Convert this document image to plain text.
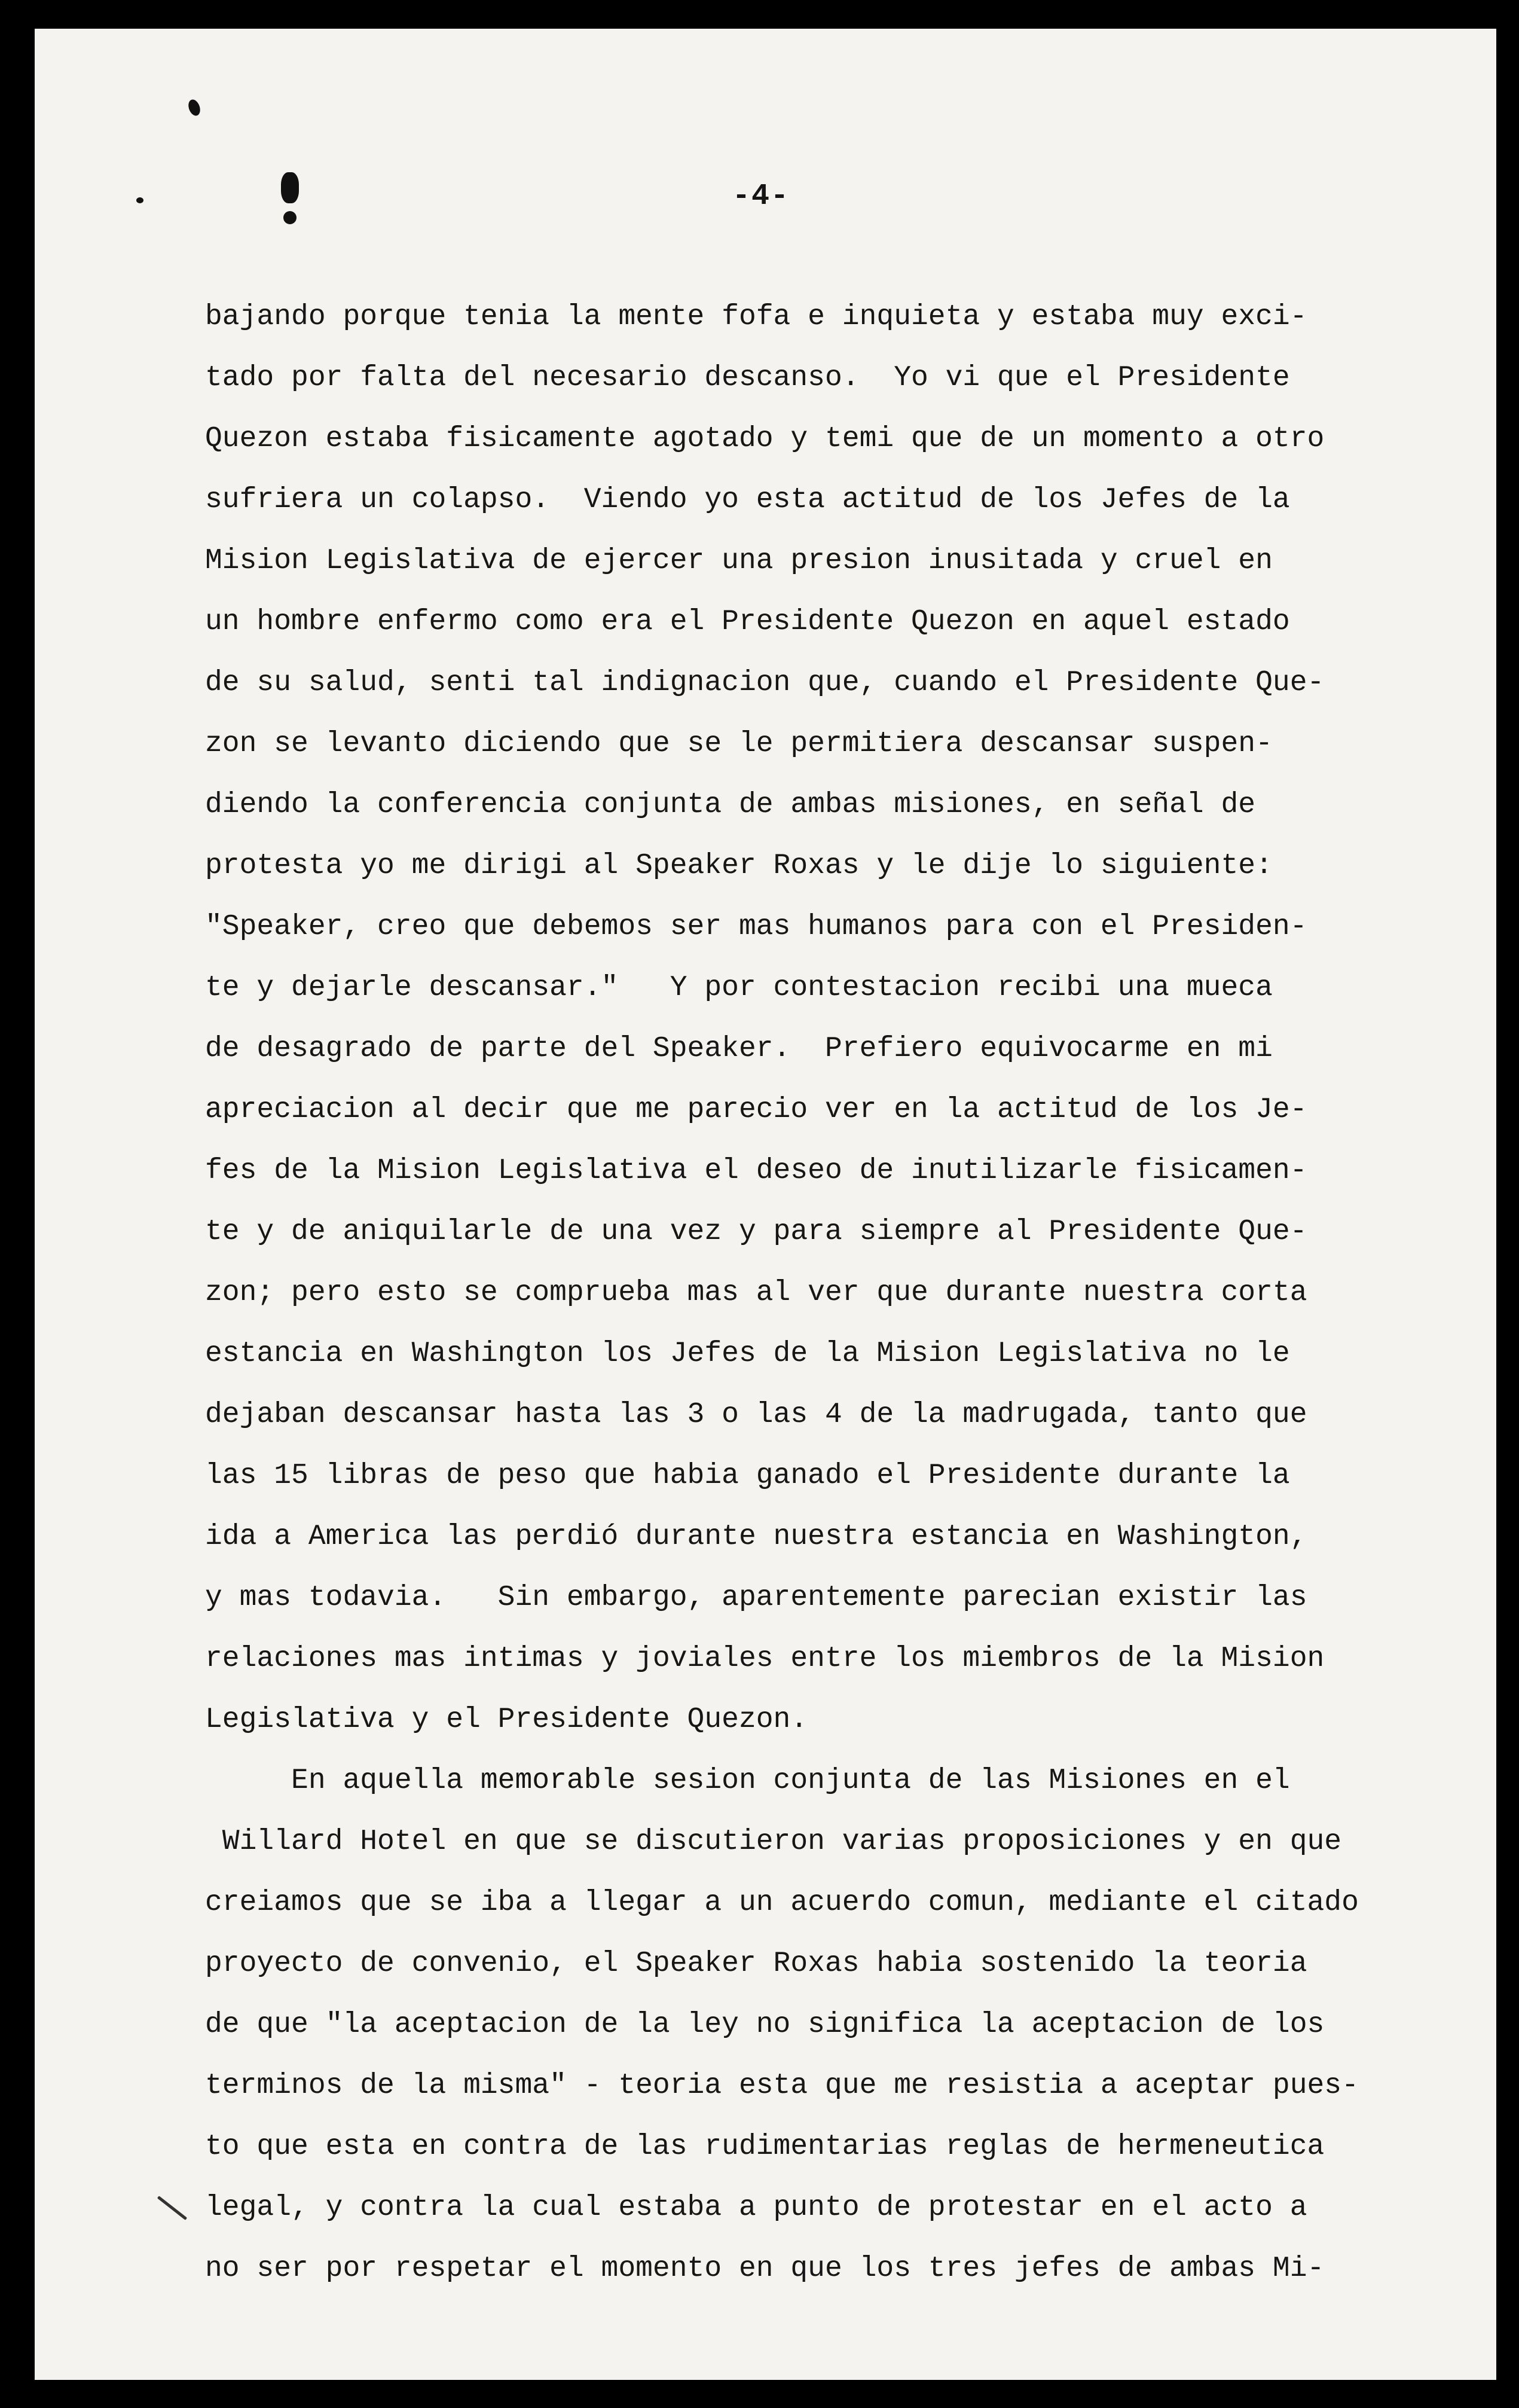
-4-

bajando porque tenia la mente fofa e inquieta y estaba muy exci-

tado por falta del necesario descanso.  Yo vi que el Presidente

Quezon estaba fisicamente agotado y temi que de un momento a otro

sufriera un colapso.  Viendo yo esta actitud de los Jefes de la

Mision Legislativa de ejercer una presion inusitada y cruel en

un hombre enfermo como era el Presidente Quezon en aquel estado

de su salud, senti tal indignacion que, cuando el Presidente Que-

zon se levanto diciendo que se le permitiera descansar suspen-

diendo la conferencia conjunta de ambas misiones, en señal de

protesta yo me dirigi al Speaker Roxas y le dije lo siguiente:

"Speaker, creo que debemos ser mas humanos para con el Presiden-

te y dejarle descansar."   Y por contestacion recibi una mueca

de desagrado de parte del Speaker.  Prefiero equivocarme en mi

apreciacion al decir que me parecio ver en la actitud de los Je-

fes de la Mision Legislativa el deseo de inutilizarle fisicamen-

te y de aniquilarle de una vez y para siempre al Presidente Que-

zon; pero esto se comprueba mas al ver que durante nuestra corta

estancia en Washington los Jefes de la Mision Legislativa no le

dejaban descansar hasta las 3 o las 4 de la madrugada, tanto que

las 15 libras de peso que habia ganado el Presidente durante la

ida a America las perdió durante nuestra estancia en Washington,

y mas todavia.   Sin embargo, aparentemente parecian existir las

relaciones mas intimas y joviales entre los miembros de la Mision

Legislativa y el Presidente Quezon.

En aquella memorable sesion conjunta de las Misiones en el

Willard Hotel en que se discutieron varias proposiciones y en que

creiamos que se iba a llegar a un acuerdo comun, mediante el citado

proyecto de convenio, el Speaker Roxas habia sostenido la teoria

de que "la aceptacion de la ley no significa la aceptacion de los

terminos de la misma" - teoria esta que me resistia a aceptar pues-

to que esta en contra de las rudimentarias reglas de hermeneutica

legal, y contra la cual estaba a punto de protestar en el acto a

no ser por respetar el momento en que los tres jefes de ambas Mi-
